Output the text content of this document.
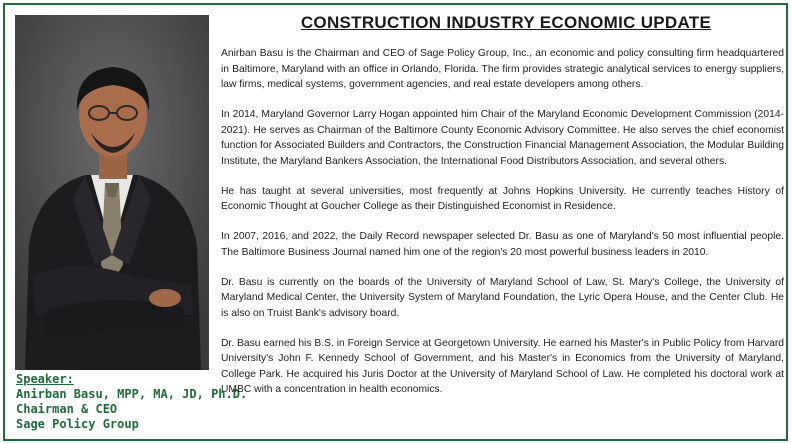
Speaker:
Anirban Basu, MPP, MA, JD, Ph.D.
Chairman & CEO
Sage Policy Group
CONSTRUCTION INDUSTRY ECONOMIC UPDATE

Anirban Basu is the Chairman and CEO of Sage Policy Group, Inc., an economic and policy consulting firm headquartered in Baltimore, Maryland with an office in Orlando, Florida. The firm provides strategic analytical services to energy suppliers, law firms, medical systems, government agencies, and real estate developers among others.

In 2014, Maryland Governor Larry Hogan appointed him Chair of the Maryland Economic Development Commission (2014-2021). He serves as Chairman of the Baltimore County Economic Advisory Committee. He also serves the chief economist function for Associated Builders and Contractors, the Construction Financial Management Association, the Modular Building Institute, the Maryland Bankers Association, the International Food Distributors Association, and several others.

He has taught at several universities, most frequently at Johns Hopkins University. He currently teaches History of Economic Thought at Goucher College as their Distinguished Economist in Residence.

In 2007, 2016, and 2022, the Daily Record newspaper selected Dr. Basu as one of Maryland's 50 most influential people. The Baltimore Business Journal named him one of the region's 20 most powerful business leaders in 2010.

Dr. Basu is currently on the boards of the University of Maryland School of Law, St. Mary's College, the University of Maryland Medical Center, the University System of Maryland Foundation, the Lyric Opera House, and the Center Club. He is also on Truist Bank's advisory board.

Dr. Basu earned his B.S. in Foreign Service at Georgetown University. He earned his Master's in Public Policy from Harvard University's John F. Kennedy School of Government, and his Master's in Economics from the University of Maryland, College Park. He acquired his Juris Doctor at the University of Maryland School of Law. He completed his doctoral work at UMBC with a concentration in health economics.
